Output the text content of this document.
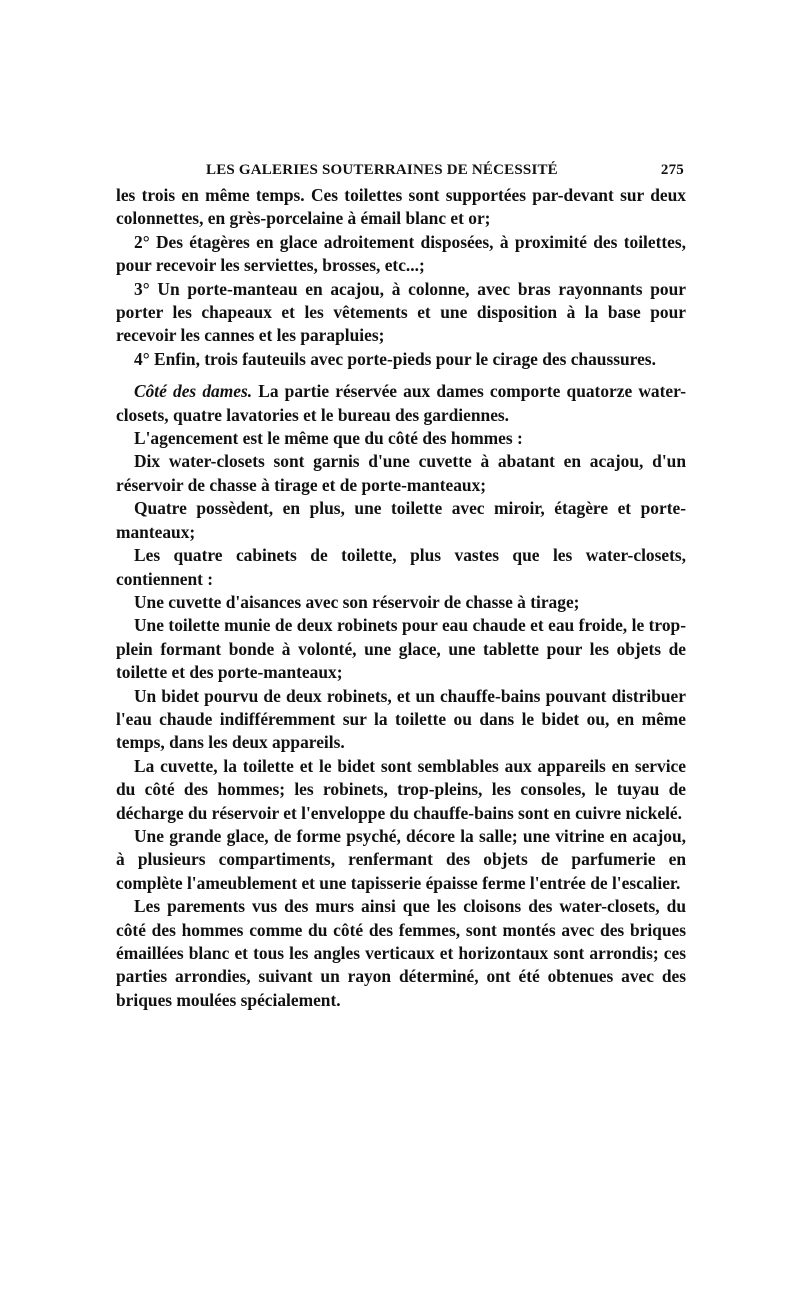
LES GALERIES SOUTERRAINES DE NÉCESSITÉ	275

les trois en même temps. Ces toilettes sont supportées par-devant sur deux colonnettes, en grès-porcelaine à émail blanc et or;

2° Des étagères en glace adroitement disposées, à proximité des toilettes, pour recevoir les serviettes, brosses, etc...;

3° Un porte-manteau en acajou, à colonne, avec bras rayonnants pour porter les chapeaux et les vêtements et une disposition à la base pour recevoir les cannes et les parapluies;

4° Enfin, trois fauteuils avec porte-pieds pour le cirage des chaussures.

Côté des dames. La partie réservée aux dames comporte quatorze water-closets, quatre lavatories et le bureau des gardiennes.

L'agencement est le même que du côté des hommes :

Dix water-closets sont garnis d'une cuvette à abatant en acajou, d'un réservoir de chasse à tirage et de porte-manteaux;

Quatre possèdent, en plus, une toilette avec miroir, étagère et porte-manteaux;

Les quatre cabinets de toilette, plus vastes que les water-closets, contiennent :

Une cuvette d'aisances avec son réservoir de chasse à tirage;

Une toilette munie de deux robinets pour eau chaude et eau froide, le trop-plein formant bonde à volonté, une glace, une tablette pour les objets de toilette et des porte-manteaux;

Un bidet pourvu de deux robinets, et un chauffe-bains pouvant distribuer l'eau chaude indifféremment sur la toilette ou dans le bidet ou, en même temps, dans les deux appareils.

La cuvette, la toilette et le bidet sont semblables aux appareils en service du côté des hommes; les robinets, trop-pleins, les consoles, le tuyau de décharge du réservoir et l'enveloppe du chauffe-bains sont en cuivre nickelé.

Une grande glace, de forme psyché, décore la salle; une vitrine en acajou, à plusieurs compartiments, renfermant des objets de parfumerie en complète l'ameublement et une tapisserie épaisse ferme l'entrée de l'escalier.

Les parements vus des murs ainsi que les cloisons des water-closets, du côté des hommes comme du côté des femmes, sont montés avec des briques émaillées blanc et tous les angles verticaux et horizontaux sont arrondis; ces parties arrondies, suivant un rayon déterminé, ont été obtenues avec des briques moulées spécialement.
